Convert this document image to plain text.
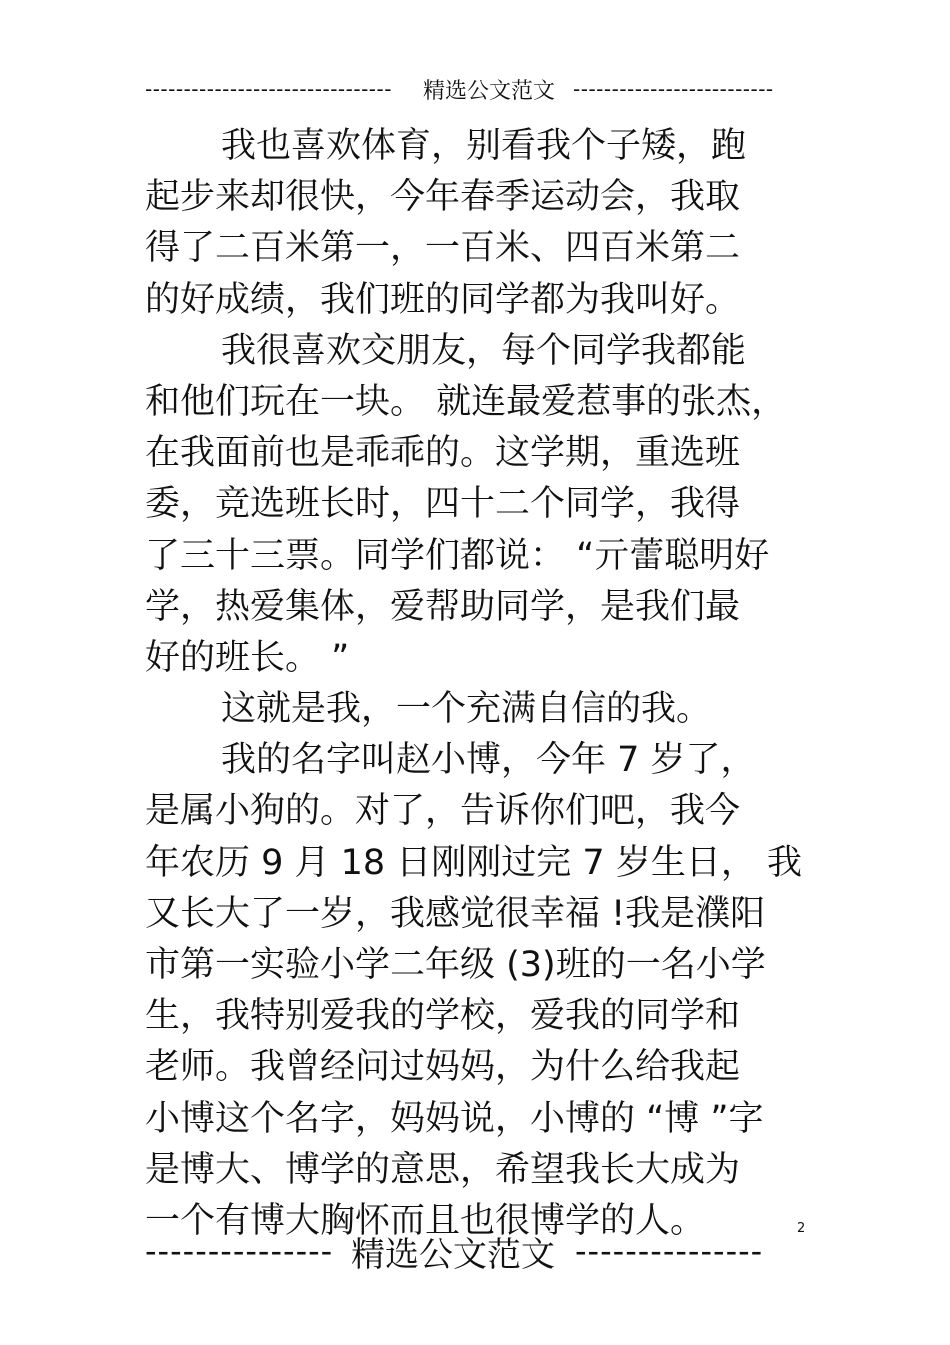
-------------------------------- 精选公文范文 --------------------------
我也喜欢体育，别看我个子矮，跑
起步来却很快，今年春季运动会，我取
得了二百米第一，一百米、四百米第二
的好成绩，我们班的同学都为我叫好。
我很喜欢交朋友，每个同学我都能
和他们玩在一块。 就连最爱惹事的张杰，
在我面前也是乖乖的。这学期，重选班
委，竞选班长时，四十二个同学，我得
了三十三票。同学们都说： “亓蕾聪明好
学，热爱集体，爱帮助同学，是我们最
好的班长。 ”
这就是我，一个充满自信的我。
我的名字叫赵小博，今年 7 岁了，
是属小狗的。对了，告诉你们吧，我今
年农历 9 月 18 日刚刚过完 7 岁生日， 我
又长大了一岁，我感觉很幸福 !我是濮阳
市第一实验小学二年级 (3)班的一名小学
生，我特别爱我的学校，爱我的同学和
老师。我曾经问过妈妈，为什么给我起
小博这个名字，妈妈说，小博的 “博 ”字
是博大、博学的意思，希望我长大成为
一个有博大胸怀而且也很博学的人。	2
--------------- 精选公文范文 ---------------
